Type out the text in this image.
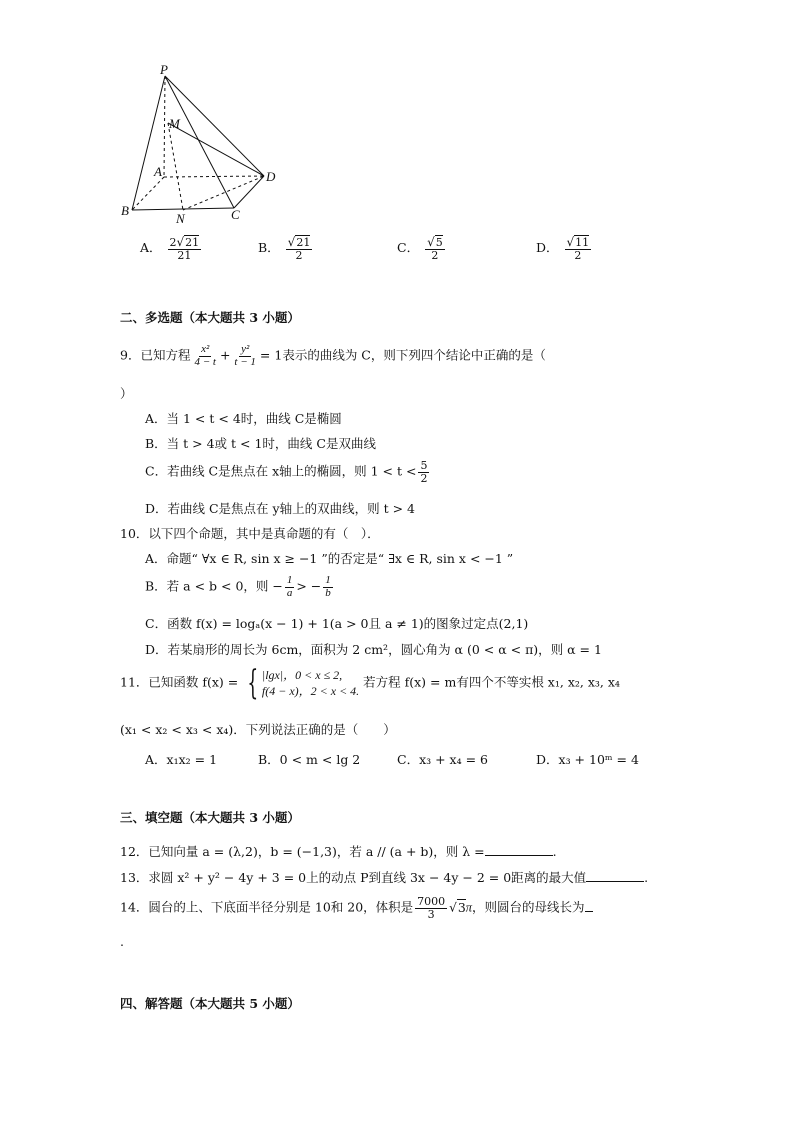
P
M
A	D
B
N	C
A． $\frac{2√21}{21}$	B． $\frac{√21}{2}$	C． $\frac{√5}{2}$	D． $\frac{√11}{2}$
二、多选题（本大题共 3 小题）
9．已知方程 $\frac{\text{x²}}{4 - t} + \frac{\text{y²}}{t - 1} = 1$表示的曲线为 C，则下列四个结论中正确的是（
）
A．当 1 < t < 4时，曲线 C是椭圆
B．当 t > 4或 t < 1时，曲线 C是双曲线
C．若曲线 C是焦点在 x轴上的椭圆，则 $1 < t < \frac{5}{2}$
D．若曲线 C是焦点在 y轴上的双曲线，则 t > 4
10．以下四个命题，其中是真命题的有（　）．
A．命题“ ∀x ∈ R, sin x ≥ −1 ”的否定是“ ∃x ∈ R, sin x < −1 ”
B．若 a < b < 0，则 − $\frac{1}{a}$ > − $\frac{1}{b}$
C．函数 f(x) = logₐ(x − 1) + 1(a > 0且 a ≠ 1)的图象过定点(2,1)
D．若某扇形的周长为 6cm，面积为 2 cm²，圆心角为 α (0 < α < π)，则 α = 1
11．已知函数 f(x) = { |lgx|，0 < x ≤ 2,
f(4 − x)，2 < x < 4.
若方程 f(x) = m有四个不等实根 x₁, x₂, x₃, x₄
(x₁ < x₂ < x₃ < x₄)．下列说法正确的是（　　）
A．x₁x₂ = 1	B．0 < m < lg 2	C．x₃ + x₄ = 6	D．x₃ + 10ᵐ = 4
三、填空题（本大题共 3 小题）
12．已知向量 a = (λ,2)，b = (−1,3)，若 a // (a + b)，则 λ =	.
13．求圆 x² + y² − 4y + 3 = 0上的动点 P到直线 3x − 4y − 2 = 0距离的最大值	.
14．圆台的上、下底面半径分别是 10和 20，体积是 $\frac{7000}{3} √3\pi$，则圆台的母线长为
.
四、解答题（本大题共 5 小题）
